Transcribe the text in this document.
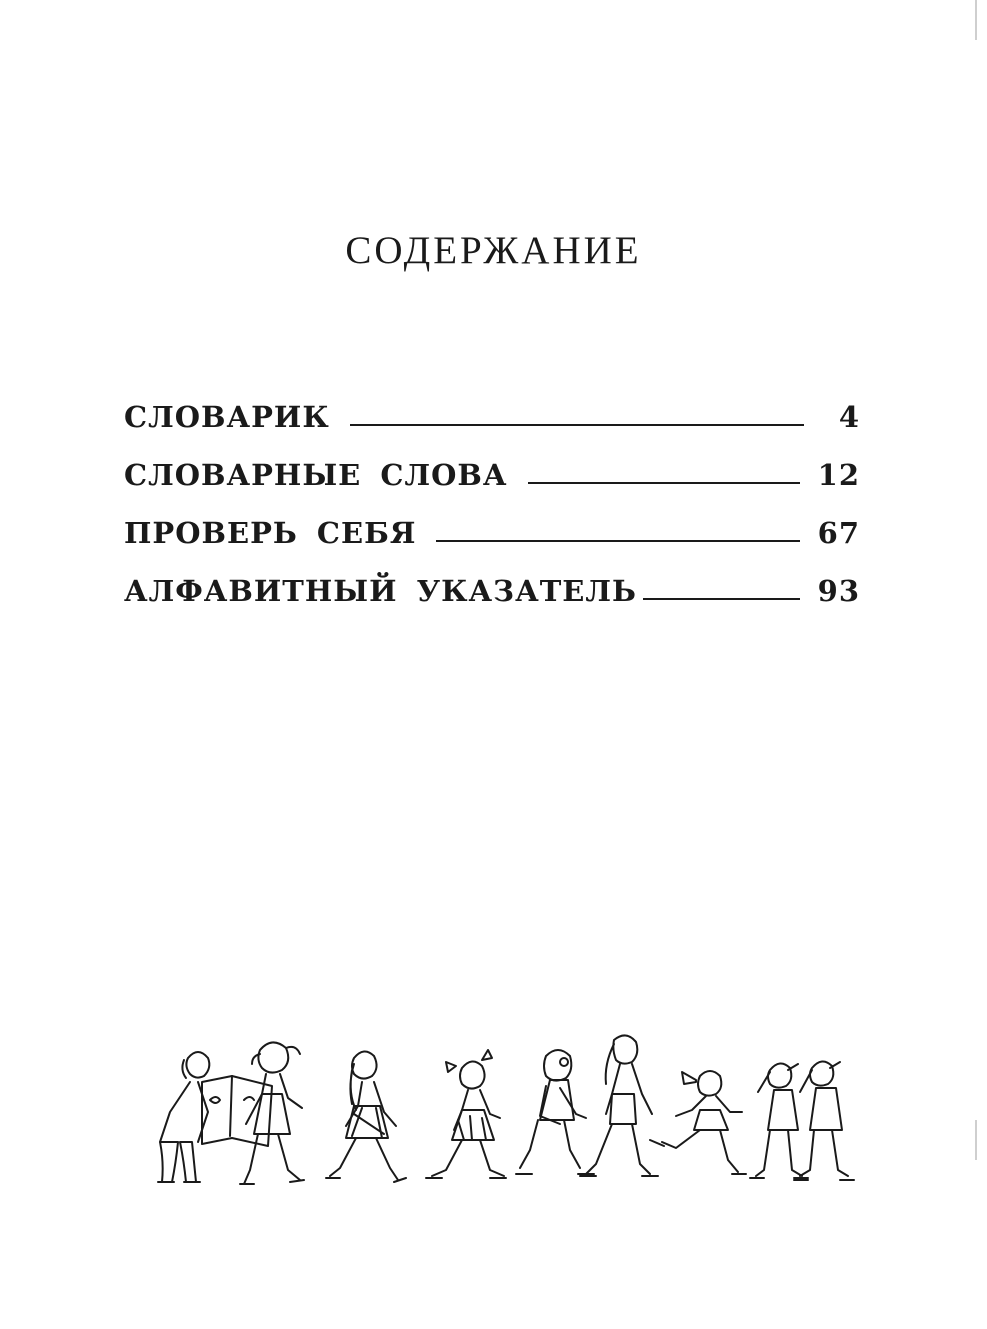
СОДЕРЖАНИЕ
СЛОВАРИК	4
СЛОВАРНЫЕ СЛОВА	12
ПРОВЕРЬ СЕБЯ	67
АЛФАВИТНЫЙ УКАЗАТЕЛЬ	93
